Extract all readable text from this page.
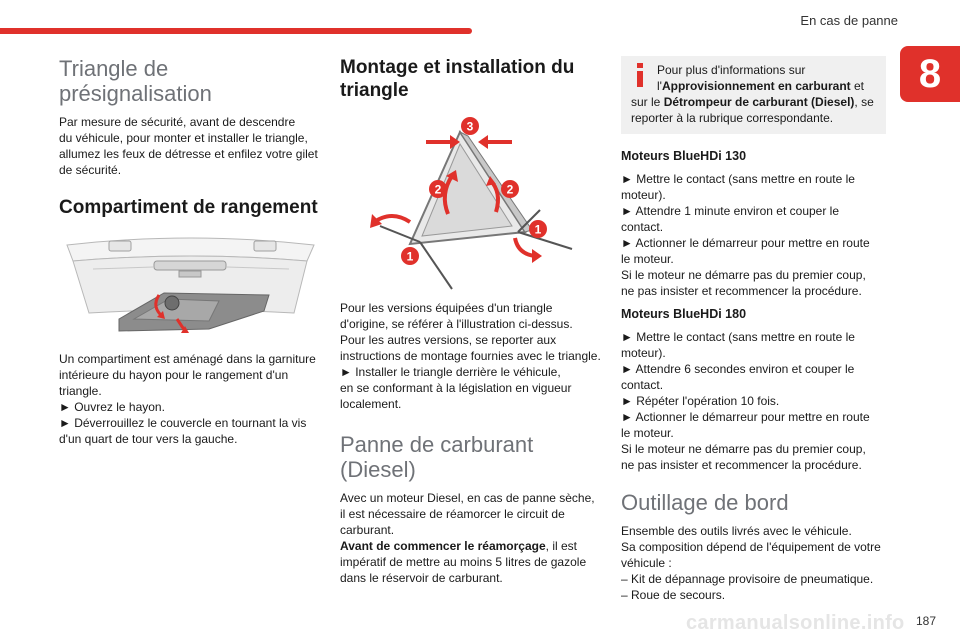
En cas de panne
8
Triangle de
présignalisation
Par mesure de sécurité, avant de descendre
du véhicule, pour monter et installer le triangle,
allumez les feux de détresse et enfilez votre gilet
de sécurité.
Compartiment de rangement
Un compartiment est aménagé dans la garniture
intérieure du hayon pour le rangement d'un
triangle.
► Ouvrez le hayon.
► Déverrouillez le couvercle en tournant la vis
d'un quart de tour vers la gauche.
Montage et installation du
triangle
3
2	2
1
1
Pour les versions équipées d'un triangle
d'origine, se référer à l'illustration ci-dessus.
Pour les autres versions, se reporter aux
instructions de montage fournies avec le triangle.
► Installer le triangle derrière le véhicule,
en se conformant à la législation en vigueur
localement.
Panne de carburant
(Diesel)
Avec un moteur Diesel, en cas de panne sèche,
il est nécessaire de réamorcer le circuit de
carburant.
Avant de commencer le réamorçage, il est
impératif de mettre au moins 5 litres de gazole
dans le réservoir de carburant.
Pour plus d'informations sur
l'Approvisionnement en carburant et
sur le Détrompeur de carburant (Diesel), se
reporter à la rubrique correspondante.
Moteurs BlueHDi 130
► Mettre le contact (sans mettre en route le
moteur).
► Attendre 1 minute environ et couper le
contact.
► Actionner le démarreur pour mettre en route
le moteur.
Si le moteur ne démarre pas du premier coup,
ne pas insister et recommencer la procédure.
Moteurs BlueHDi 180
► Mettre le contact (sans mettre en route le
moteur).
► Attendre 6 secondes environ et couper le
contact.
► Répéter l'opération 10 fois.
► Actionner le démarreur pour mettre en route
le moteur.
Si le moteur ne démarre pas du premier coup,
ne pas insister et recommencer la procédure.
Outillage de bord
Ensemble des outils livrés avec le véhicule.
Sa composition dépend de l'équipement de votre
véhicule :
– Kit de dépannage provisoire de pneumatique.
– Roue de secours.
carmanualsonline.info 187
